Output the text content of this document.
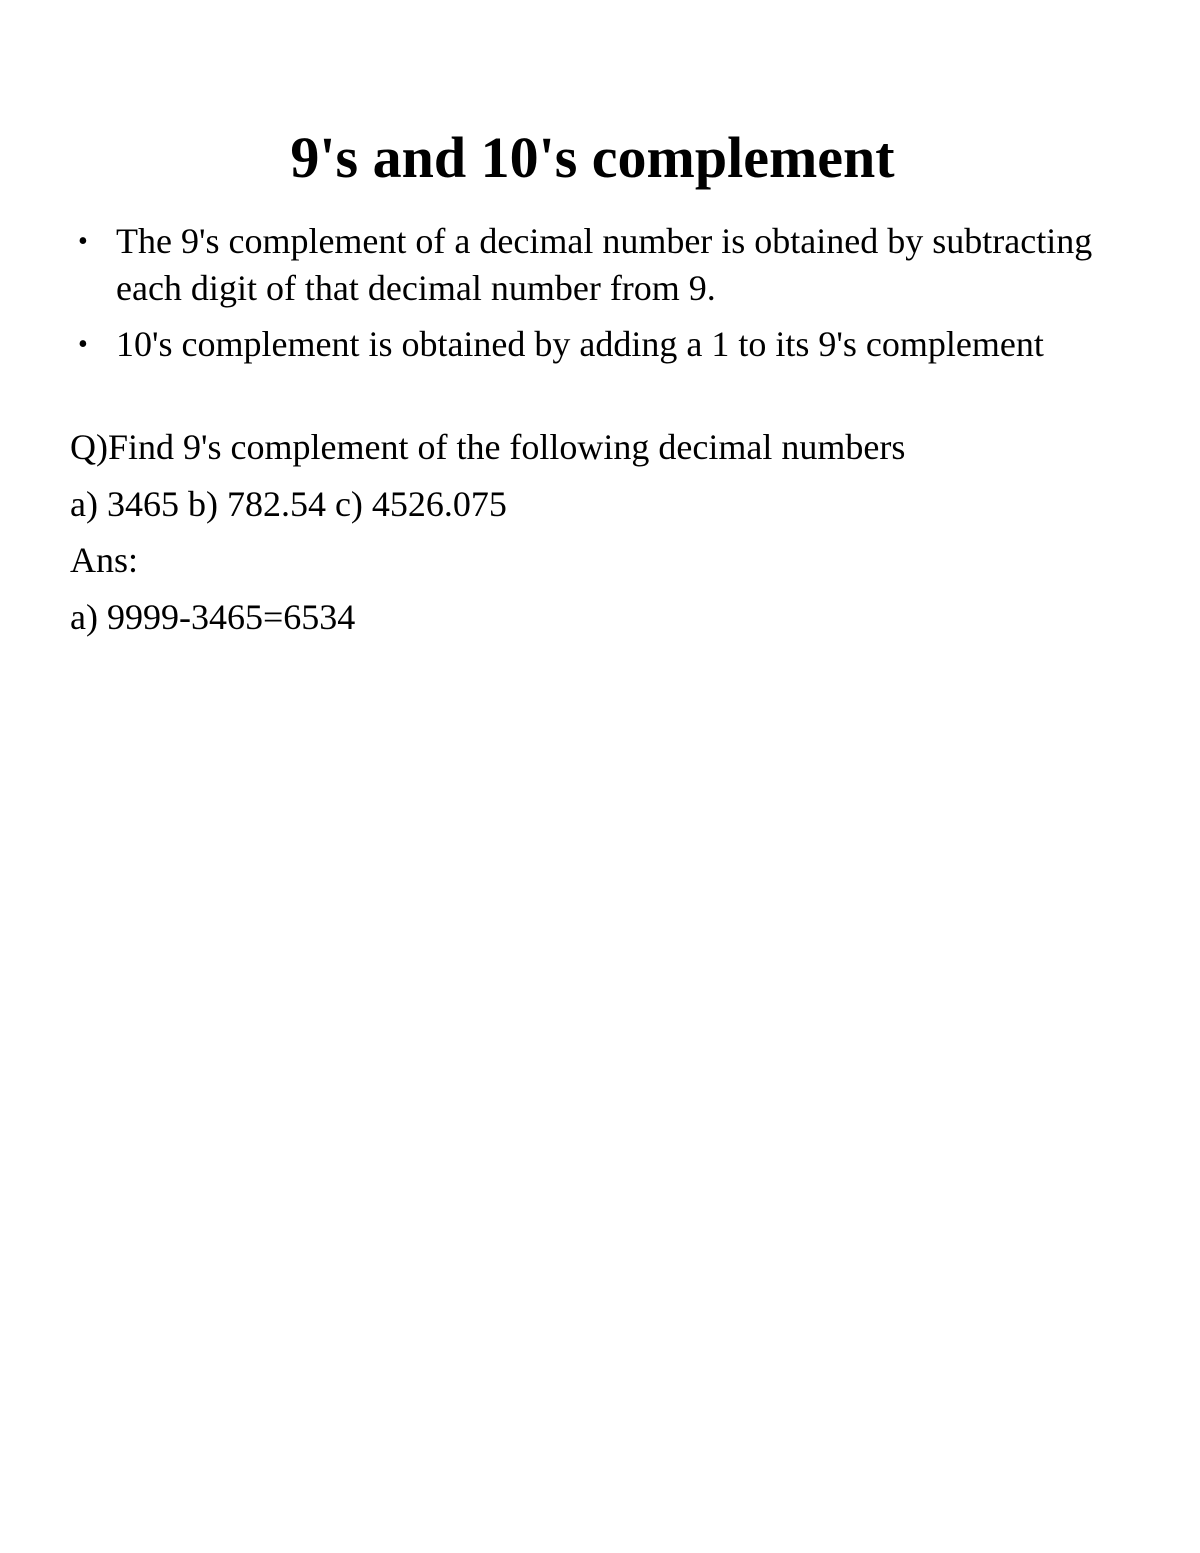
9's and 10's complement
• The 9's complement of a decimal number is obtained by subtracting each digit of that decimal number from 9.
• 10's complement is obtained by adding a 1 to its 9's complement

Q)Find 9's complement of the following decimal numbers

a) 3465 b) 782.54 c) 4526.075

Ans:

a) 9999-3465=6534
